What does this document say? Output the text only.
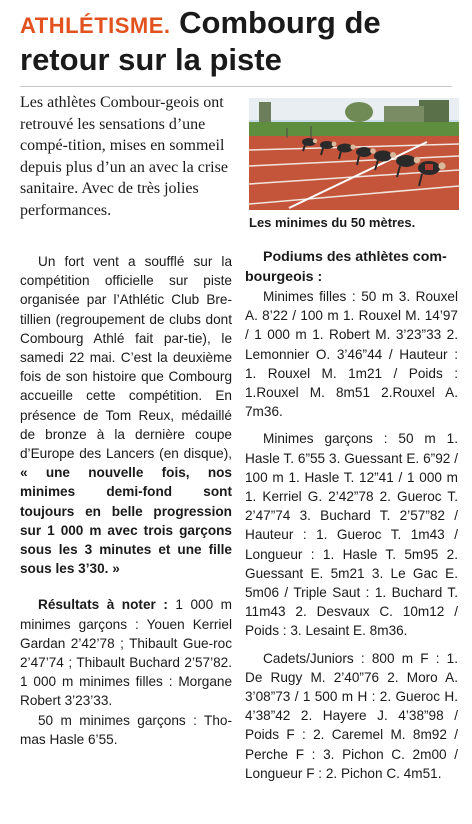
ATHLÉTISME. Combourg de retour sur la piste
Les athlètes Combour-geois ont retrouvé les sensations d’une compé-tition, mises en sommeil depuis plus d’un an avec la crise sanitaire. Avec de très jolies performances.
Les minimes du 50 mètres.

Un fort vent a soufflé sur la compétition officielle sur piste organisée par l’Athlétic Club Bre-tillien (regroupement de clubs dont Combourg Athlé fait par-tie), le samedi 22 mai. C’est la deuxième fois de son histoire que Combourg accueille cette compétition. En présence de Tom Reux, médaillé de bronze à la dernière coupe d’Europe des Lancers (en disque), « une nouvelle fois, nos minimes demi-fond sont toujours en belle progression sur 1 000 m avec trois garçons sous les 3 minutes et une fille sous les 3’30. »

Résultats à noter : 1 000 m minimes garçons : Youen Kerriel Gardan 2’42’78 ; Thibault Gue-roc 2’47’74 ; Thibault Buchard 2’57’82. 1 000 m minimes filles : Morgane Robert 3’23’33.

50 m minimes garçons : Tho-mas Hasle 6’55.

Podiums des athlètes com-bourgeois :

Minimes filles : 50 m 3. Rouxel A. 8’22 / 100 m 1. Rouxel M. 14’97 / 1 000 m 1. Robert M. 3’23”33 2. Lemonnier O. 3’46”44 / Hauteur : 1. Rouxel M. 1m21 / Poids : 1.Rouxel M. 8m51 2.Rouxel A. 7m36.

Minimes garçons : 50 m 1. Hasle T. 6”55 3. Guessant E. 6”92 / 100 m 1. Hasle T. 12”41 / 1 000 m 1. Kerriel G. 2’42”78 2. Gueroc T. 2’47”74 3. Buchard T. 2’57”82 / Hauteur : 1. Gueroc T. 1m43 / Longueur : 1. Hasle T. 5m95 2. Guessant E. 5m21 3. Le Gac E. 5m06 / Triple Saut : 1. Buchard T. 11m43 2. Desvaux C. 10m12 / Poids : 3. Lesaint E. 8m36.

Cadets/Juniors : 800 m F : 1. De Rugy M. 2’40”76 2. Moro A. 3’08”73 / 1 500 m H : 2. Gueroc H. 4’38”42 2. Hayere J. 4’38”98 / Poids F : 2. Caremel M. 8m92 / Perche F : 3. Pichon C. 2m00 / Longueur F : 2. Pichon C. 4m51.
